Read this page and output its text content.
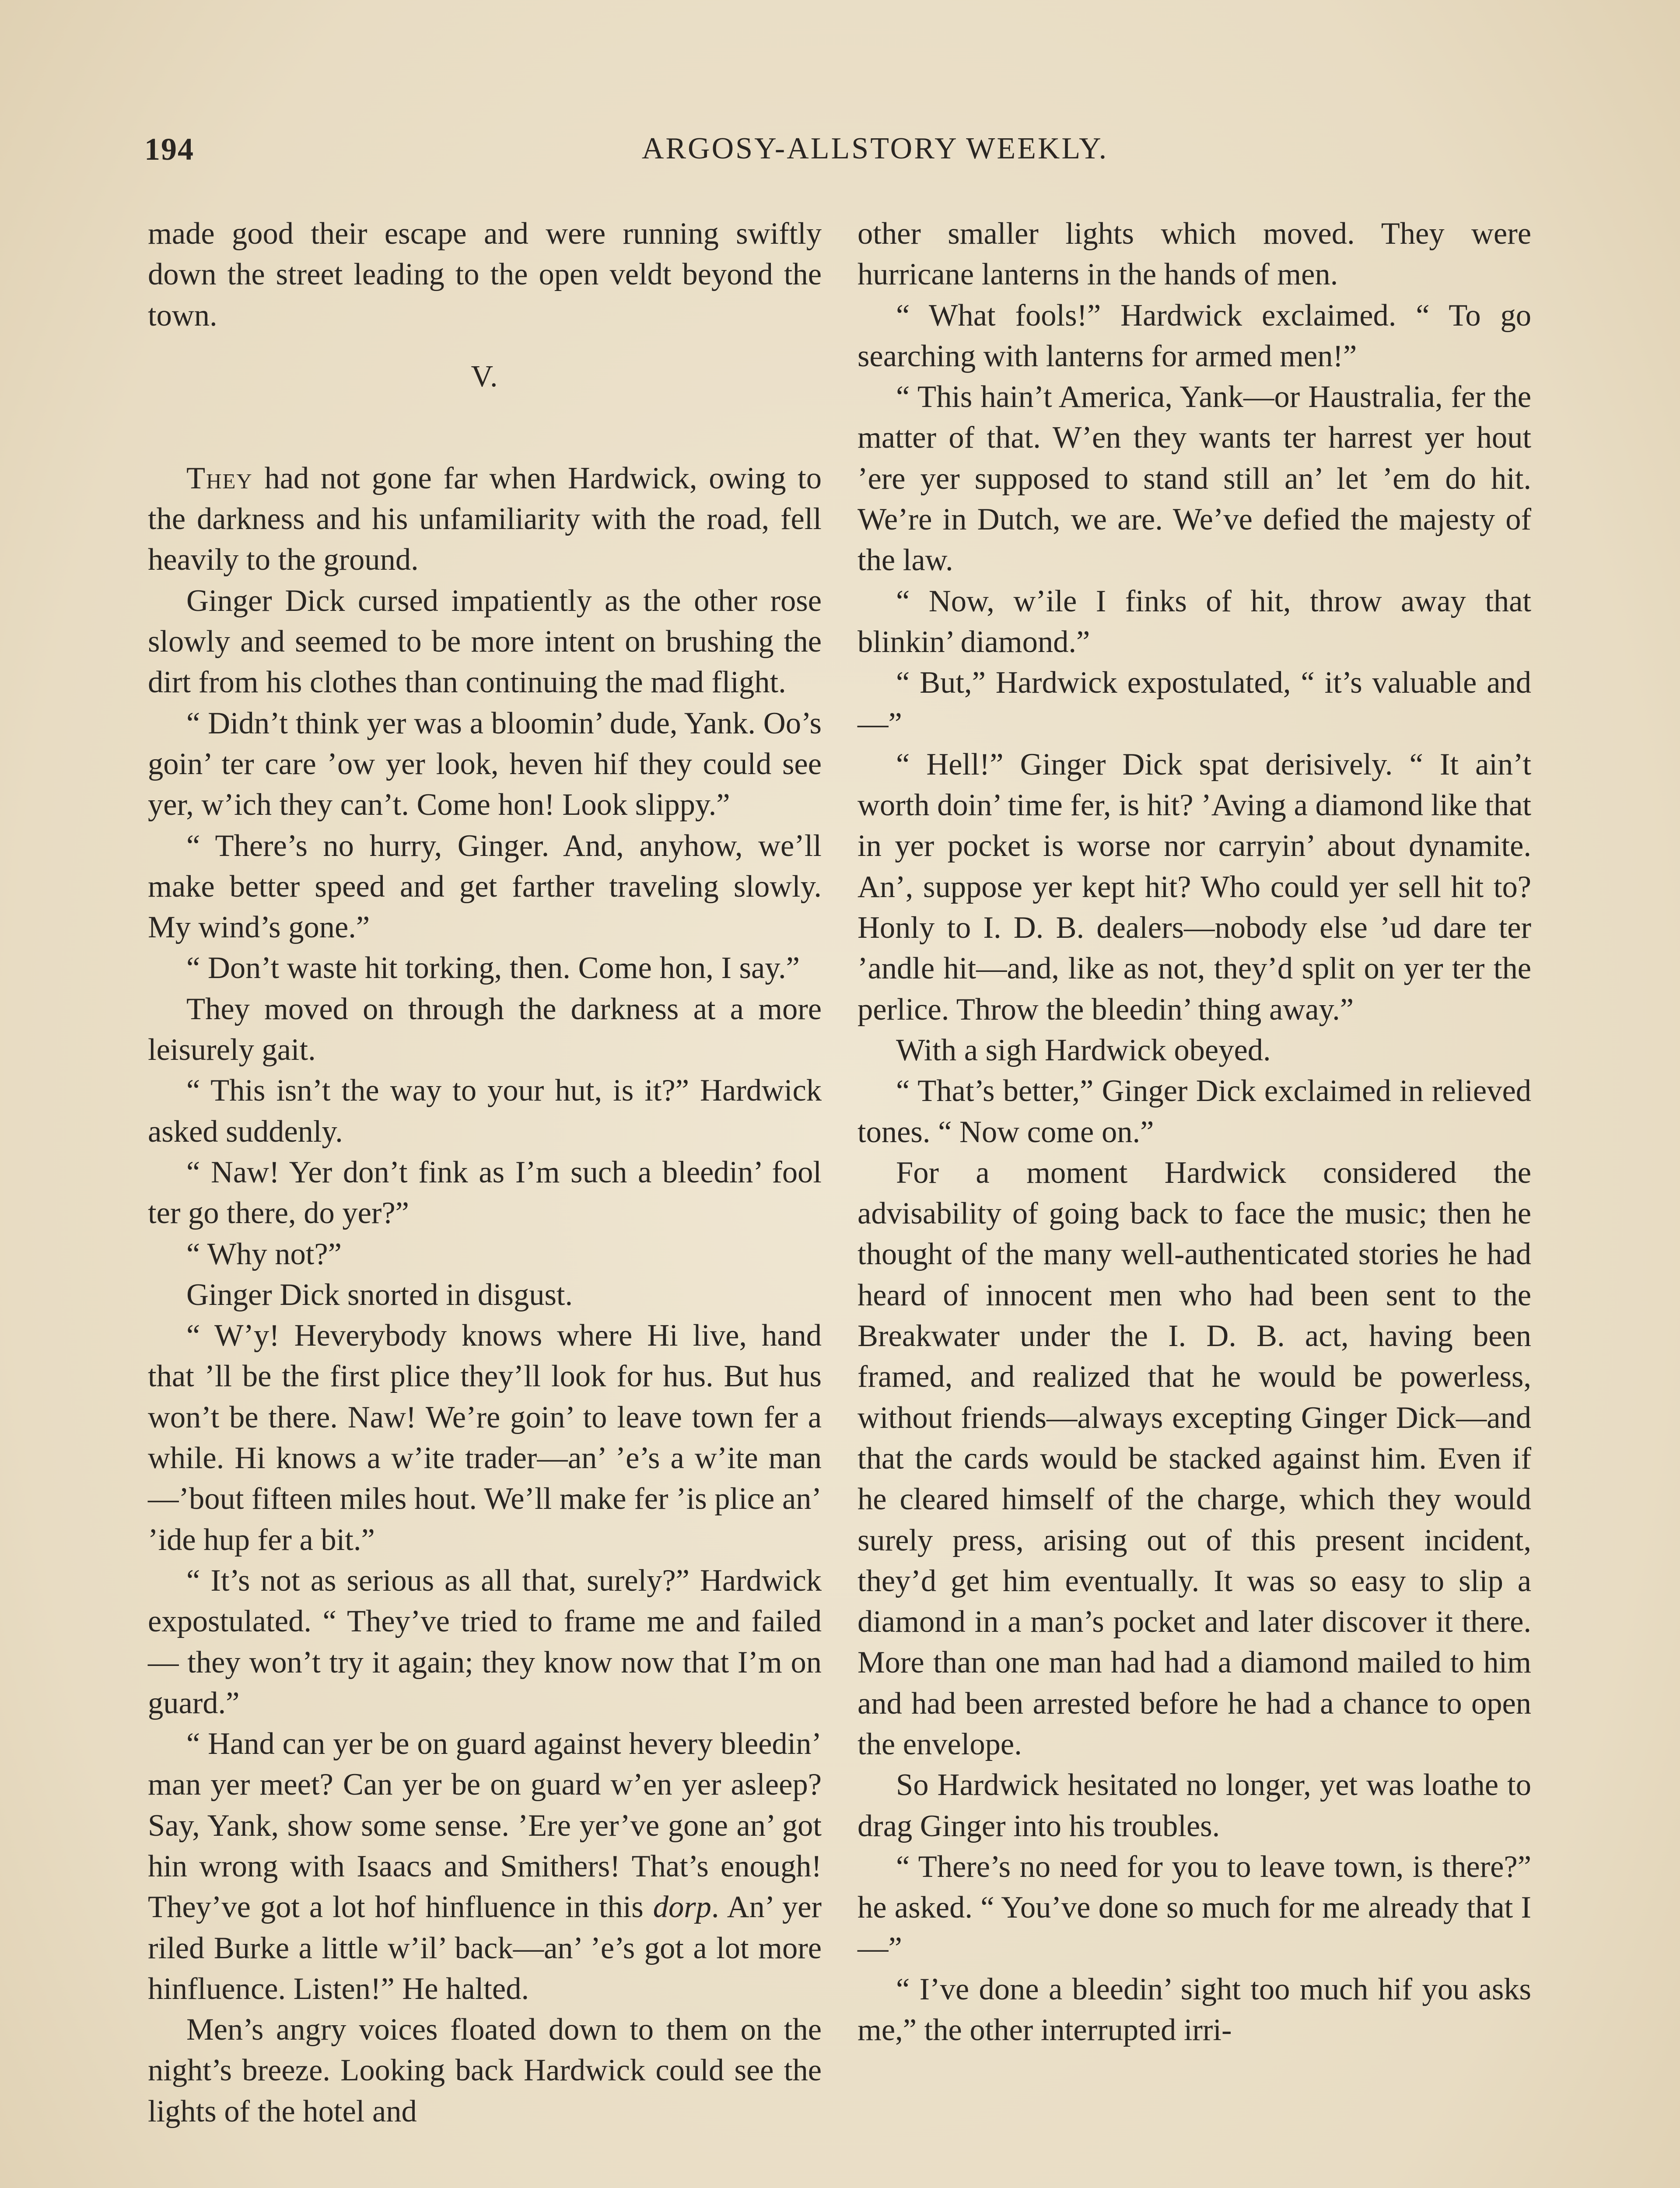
194	ARGOSY-ALLSTORY WEEKLY.

made good their escape and were running swiftly down the street leading to the open veldt beyond the town.

V.

They had not gone far when Hardwick, owing to the darkness and his unfamiliarity with the road, fell heavily to the ground.

Ginger Dick cursed impatiently as the other rose slowly and seemed to be more intent on brushing the dirt from his clothes than continuing the mad flight.

“ Didn’t think yer was a bloomin’ dude, Yank. Oo’s goin’ ter care ’ow yer look, heven hif they could see yer, w’ich they can’t. Come hon! Look slippy.”

“ There’s no hurry, Ginger. And, anyhow, we’ll make better speed and get farther traveling slowly. My wind’s gone.”

“ Don’t waste hit torking, then. Come hon, I say.”

They moved on through the darkness at a more leisurely gait.

“ This isn’t the way to your hut, is it?” Hardwick asked suddenly.

“ Naw! Yer don’t fink as I’m such a bleedin’ fool ter go there, do yer?”

“ Why not?”

Ginger Dick snorted in disgust.

“ W’y! Heverybody knows where Hi live, hand that ’ll be the first plice they’ll look for hus. But hus won’t be there. Naw! We’re goin’ to leave town fer a while. Hi knows a w’ite trader—an’ ’e’s a w’ite man—’bout fifteen miles hout. We’ll make fer ’is plice an’ ’ide hup fer a bit.”

“ It’s not as serious as all that, surely?” Hardwick expostulated. “ They’ve tried to frame me and failed — they won’t try it again; they know now that I’m on guard.”

“ Hand can yer be on guard against hevery bleedin’ man yer meet? Can yer be on guard w’en yer asleep? Say, Yank, show some sense. ’Ere yer’ve gone an’ got hin wrong with Isaacs and Smithers! That’s enough! They’ve got a lot hof hinfluence in this dorp. An’ yer riled Burke a little w’il’ back—an’ ’e’s got a lot more hinfluence. Listen!” He halted.

Men’s angry voices floated down to them on the night’s breeze. Looking back Hardwick could see the lights of the hotel and

other smaller lights which moved. They were hurricane lanterns in the hands of men.

“ What fools!” Hardwick exclaimed. “ To go searching with lanterns for armed men!”

“ This hain’t America, Yank—or Haustralia, fer the matter of that. W’en they wants ter harrest yer hout ’ere yer supposed to stand still an’ let ’em do hit. We’re in Dutch, we are. We’ve defied the majesty of the law.

“ Now, w’ile I finks of hit, throw away that blinkin’ diamond.”

“ But,” Hardwick expostulated, “ it’s valuable and—”

“ Hell!” Ginger Dick spat derisively. “ It ain’t worth doin’ time fer, is hit? ’Aving a diamond like that in yer pocket is worse nor carryin’ about dynamite. An’, suppose yer kept hit? Who could yer sell hit to? Honly to I. D. B. dealers—nobody else ’ud dare ter ’andle hit—and, like as not, they’d split on yer ter the perlice. Throw the bleedin’ thing away.”

With a sigh Hardwick obeyed.

“ That’s better,” Ginger Dick exclaimed in relieved tones. “ Now come on.”

For a moment Hardwick considered the advisability of going back to face the music; then he thought of the many well-authenticated stories he had heard of innocent men who had been sent to the Breakwater under the I. D. B. act, having been framed, and realized that he would be powerless, without friends—always excepting Ginger Dick—and that the cards would be stacked against him. Even if he cleared himself of the charge, which they would surely press, arising out of this present incident, they’d get him eventually. It was so easy to slip a diamond in a man’s pocket and later discover it there. More than one man had had a diamond mailed to him and had been arrested before he had a chance to open the envelope.

So Hardwick hesitated no longer, yet was loathe to drag Ginger into his troubles.

“ There’s no need for you to leave town, is there?” he asked. “ You’ve done so much for me already that I—”

“ I’ve done a bleedin’ sight too much hif you asks me,” the other interrupted irri-
